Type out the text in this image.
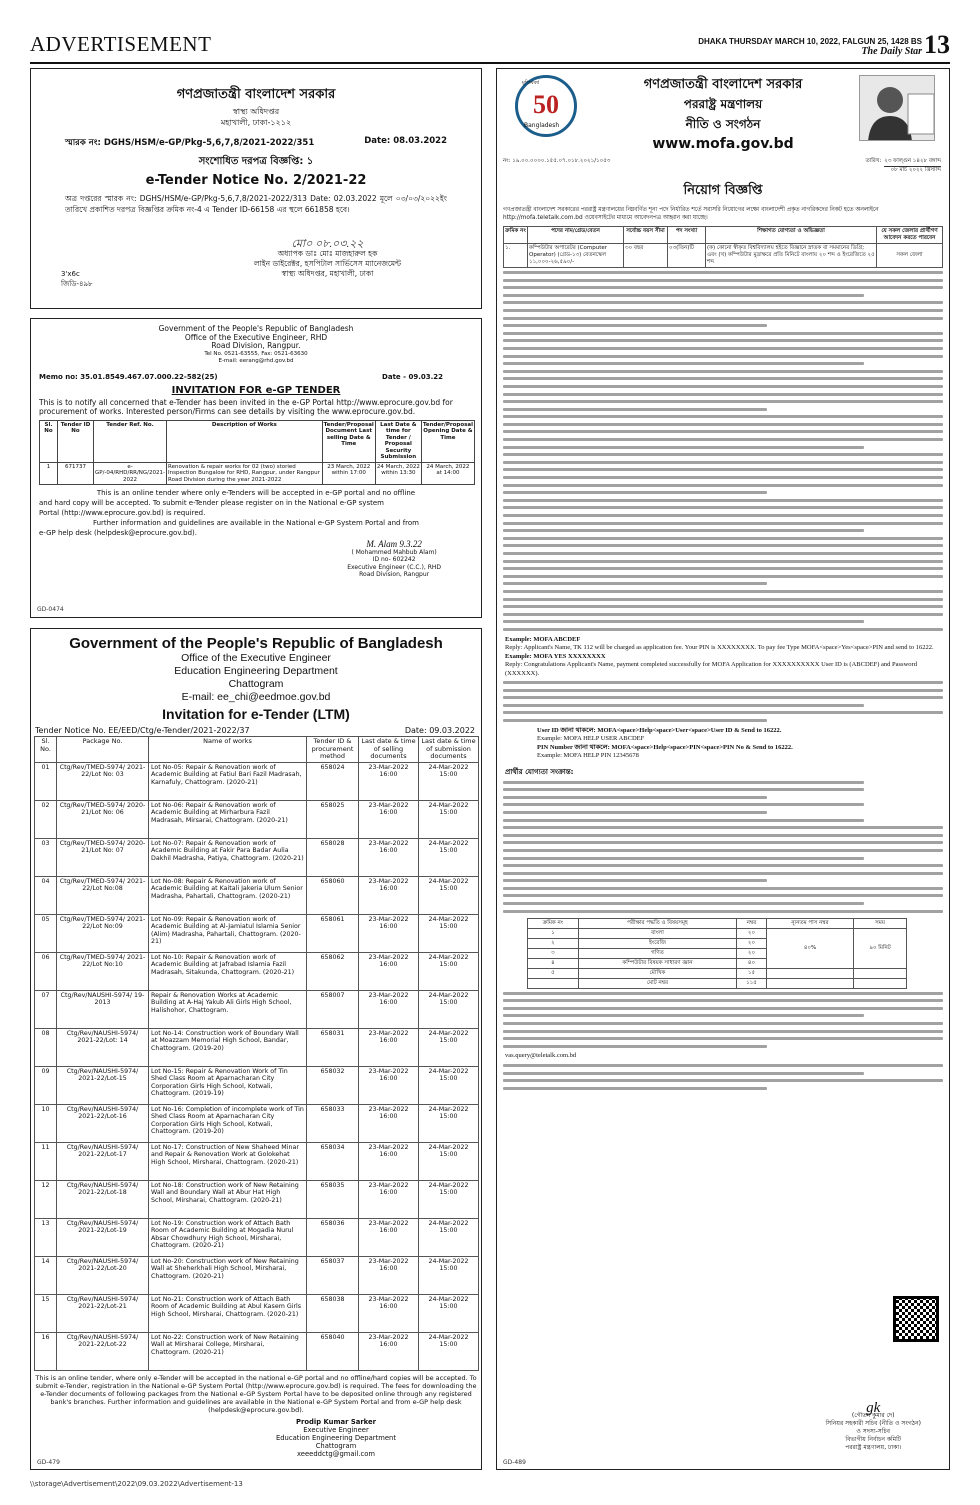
ADVERTISEMENT	DHAKA THURSDAY MARCH 10, 2022, FALGUN 25, 1428 BS
The Daily Star 13
গণপ্রজাতন্ত্রী বাংলাদেশ সরকার
স্বাস্থ্য অধিদপ্তর
মহাখালী, ঢাকা-১২১২
স্মারক নং: DGHS/HSM/e-GP/Pkg-5,6,7,8/2021-2022/351	Date: 08.03.2022
সংশোধিত দরপত্র বিজ্ঞপ্তি: ১
e-Tender Notice No. 2/2021-22
অত্র দপ্তরের স্মারক নং: DGHS/HSM/e-GP/Pkg-5,6,7,8/2021-2022/313 Date: 02.03.2022 মূলে ০৩/০৩/২০২২ইং তারিখে প্রকাশিত দরপত্র বিজ্ঞপ্তির ক্রমিক নং-4 এ Tender ID-66158 এর স্থলে 661858 হবে।
মো০ ০৮.০৩.২২
অধ্যাপক ডাঃ মোঃ মাজহারুল হক
লাইন ডাইরেক্টর, হসপিটাল সার্ভিসেস ম্যানেজমেন্ট
স্বাস্থ্য অধিদপ্তর, মহাখালী, ঢাকা
3'x6c
জিডি-৪৯৮
Government of the People's Republic of Bangladesh
Office of the Executive Engineer, RHD
Road Division, Rangpur.
Tel No. 0521-63555, Fax: 0521-63630
E-mail: eerang@rhd.gov.bd
Memo no: 35.01.8549.467.07.000.22-582(25)	Date - 09.03.22
INVITATION FOR e-GP TENDER
This is to notify all concerned that e-Tender has been invited in the e-GP Portal http://www.eprocure.gov.bd for procurement of works. Interested person/Firms can see details by visiting the www.eprocure.gov.bd.
Sl. No	Tender ID No	Tender Ref. No.	Description of Works	Tender/Proposal Document Last selling Date & Time	Last Date & time for Tender / Proposal Security Submission	Tender/Proposal Opening Date & Time
1	671737	e-GP/-04/RHD/RR/NG/2021-2022	Renovation & repair works for 02 (two) storied Inspection Bungalow for RHD, Rangpur, under Rangpur Road Division during the year 2021-2022	23 March, 2022 within 17:00	24 March, 2022 within 13:30	24 March, 2022 at 14:00
This is an online tender where only e-Tenders will be accepted in e-GP portal and no offline
and hard copy will be accepted. To submit e-Tender please register on in the National e-GP system
Portal (http://www.eprocure.gov.bd) is required.
Further information and guidelines are available in the National e-GP System Portal and from
e-GP help desk (helpdesk@eprocure.gov.bd).
M. Alam 9.3.22
( Mohammed Mahbub Alam)
ID no- 602242
Executive Engineer (C.C.), RHD
Road Division, Rangpur
GD-0474
Government of the People's Republic of Bangladesh
Office of the Executive Engineer
Education Engineering Department
Chattogram
E-mail: ee_chi@eedmoe.gov.bd
Invitation for e-Tender (LTM)
Tender Notice No. EE/EED/Ctg/e-Tender/2021-2022/37	Date: 09.03.2022
Sl. No.	Package No.	Name of works	Tender ID & procurement method	Last date & time of selling documents	Last date & time of submission documents
01	Ctg/Rev/TMED-5974/ 2021-22/Lot No: 03	Lot No-05: Repair & Renovation work of Academic Building at Fatiul Bari Fazil Madrasah, Karnafuly, Chattogram. (2020-21)	658024	23-Mar-2022 16:00	24-Mar-2022 15:00
02	Ctg/Rev/TMED-5974/ 2020-21/Lot No: 06	Lot No-06: Repair & Renovation work of Academic Building at Mirharbura Fazil Madrasah, Mirsarai, Chattogram. (2020-21)	658025	23-Mar-2022 16:00	24-Mar-2022 15:00
03	Ctg/Rev/TMED-5974/ 2020-21/Lot No: 07	Lot No-07: Repair & Renovation work of Academic Building at Fakir Para Badar Aulia Dakhil Madrasha, Patiya, Chattogram. (2020-21)	658028	23-Mar-2022 16:00	24-Mar-2022 15:00
04	Ctg/Rev/TMED-5974/ 2021-22/Lot No:08	Lot No-08: Repair & Renovation work of Academic Building at Kaitali Jakeria Ulum Senior Madrasha, Pahartali, Chattogram. (2020-21)	658060	23-Mar-2022 16:00	24-Mar-2022 15:00
05	Ctg/Rev/TMED-5974/ 2021-22/Lot No:09	Lot No-09: Repair & Renovation work of Academic Building at Al-Jamiatul Islamia Senior (Alim) Madrasha, Pahartali, Chattogram. (2020-21)	658061	23-Mar-2022 16:00	24-Mar-2022 15:00
06	Ctg/Rev/TMED-5974/ 2021-22/Lot No:10	Lot No-10: Repair & Renovation work of Academic Building at Jafrabad Islamia Fazil Madrasah, Sitakunda, Chattogram. (2020-21)	658062	23-Mar-2022 16:00	24-Mar-2022 15:00
07	Ctg/Rev/NAUSHI-5974/ 19-2013	Repair & Renovation Works at Academic Building at A-Haj Yakub Ali Girls High School, Halishohor, Chattogram.	658007	23-Mar-2022 16:00	24-Mar-2022 15:00
08	Ctg/Rev/NAUSHI-5974/ 2021-22/Lot: 14	Lot No-14: Construction work of Boundary Wall at Moazzam Memorial High School, Bandar, Chattogram. (2019-20)	658031	23-Mar-2022 16:00	24-Mar-2022 15:00
09	Ctg/Rev/NAUSHI-5974/ 2021-22/Lot-15	Lot No-15: Repair & Renovation Work of Tin Shed Class Room at Aparnacharan City Corporation Girls High School, Kotwali, Chattogram. (2019-19)	658032	23-Mar-2022 16:00	24-Mar-2022 15:00
10	Ctg/Rev/NAUSHI-5974/ 2021-22/Lot-16	Lot No-16: Completion of incomplete work of Tin Shed Class Room at Aparnacharan City Corporation Girls High School, Kotwali, Chattogram. (2019-20)	658033	23-Mar-2022 16:00	24-Mar-2022 15:00
11	Ctg/Rev/NAUSHI-5974/ 2021-22/Lot-17	Lot No-17: Construction of New Shaheed Minar and Repair & Renovation Work at Golokehat High School, Mirsharai, Chattogram. (2020-21)	658034	23-Mar-2022 16:00	24-Mar-2022 15:00
12	Ctg/Rev/NAUSHI-5974/ 2021-22/Lot-18	Lot No-18: Construction work of New Retaining Wall and Boundary Wall at Abur Hat High School, Mirsharai, Chattogram. (2020-21)	658035	23-Mar-2022 16:00	24-Mar-2022 15:00
13	Ctg/Rev/NAUSHI-5974/ 2021-22/Lot-19	Lot No-19: Construction work of Attach Bath Room of Academic Building at Mogadia Nurul Absar Chowdhury High School, Mirsharai, Chattogram. (2020-21)	658036	23-Mar-2022 16:00	24-Mar-2022 15:00
14	Ctg/Rev/NAUSHI-5974/ 2021-22/Lot-20	Lot No-20: Construction work of New Retaining Wall at Sheherkhali High School, Mirsharai, Chattogram. (2020-21)	658037	23-Mar-2022 16:00	24-Mar-2022 15:00
15	Ctg/Rev/NAUSHI-5974/ 2021-22/Lot-21	Lot No-21: Construction work of Attach Bath Room of Academic Building at Abul Kasem Girls High School, Mirsharai, Chattogram. (2020-21)	658038	23-Mar-2022 16:00	24-Mar-2022 15:00
16	Ctg/Rev/NAUSHI-5974/ 2021-22/Lot-22	Lot No-22: Construction work of New Retaining Wall at Mirsharai College, Mirsharai, Chattogram. (2020-21)	658040	23-Mar-2022 16:00	24-Mar-2022 15:00
This is an online tender, where only e-Tender will be accepted in the national e-GP portal and no offline/hard copies will be accepted. To submit e-Tender, registration in the National e-GP System Portal (http://www.eprocure.gov.bd) is required. The fees for downloading the e-Tender documents of following packages from the National e-GP System Portal have to be deposited online through any registered bank's branches. Further information and guidelines are available in the National e-GP System Portal and from e-GP help desk (helpdesk@eprocure.gov.bd).
Prodip Kumar Sarker
Executive Engineer
Education Engineering Department
Chattogram
xeeeddctg@gmail.com
GD-479
50
মুজিববর্ষ
Bangladesh
গণপ্রজাতন্ত্রী বাংলাদেশ সরকার
পররাষ্ট্র মন্ত্রণালয়
নীতি ও সংগঠন
www.mofa.gov.bd
নং: ১৯.০০.০০০০.১৫৫.০৭.০১৮.২০২১/১০৫৩	তারিখ: ২৩ ফাল্গুন ১৪২৮ বঙ্গাব্দ
০৮ মার্চ ২০২২ খ্রিস্টাব্দ
নিয়োগ বিজ্ঞপ্তি
গণপ্রজাতন্ত্রী বাংলাদেশ সরকারের পররাষ্ট্র মন্ত্রণালয়ের নিম্নবর্ণিত শূন্য পদে নির্ধারিত শর্তে সরাসরি নিয়োগের লক্ষ্যে বাংলাদেশী প্রকৃত নাগরিকদের নিকট হতে অনলাইনে http://mofa.teletalk.com.bd ওয়েবসাইটের মাধ্যমে আবেদনপত্র আহ্বান করা যাচ্ছে।
ক্রমিক নং	পদের নাম/গ্রেড/বেতন	সর্বোচ্চ বয়স সীমা	পদ সংখ্যা	শিক্ষাগত যোগ্যতা ও অভিজ্ঞতা	যে সকল জেলার প্রার্থীগণ আবেদন করতে পারবেন
১.	কম্পিউটার অপারেটর (Computer Operator) (গ্রেড-১৩) বেতনস্কেল ১১,০০০-২৬,৫৯০/-	৩০ বছর	০৩(তিন)টি	(ক) কোনো স্বীকৃত বিশ্ববিদ্যালয় হইতে বিজ্ঞানে স্নাতক বা সমমানের ডিগ্রি; এবং (খ) কম্পিউটার মুদ্রাক্ষরে প্রতি মিনিটে বাংলায় ২০ শব্দ ও ইংরেজিতে ২৫ শব্দ	সকল জেলা
Example: MOFA ABCDEF
Reply: Applicant's Name, TK 112 will be charged as application fee. Your PIN is XXXXXXXX. To pay fee Type MOFA<space>Yes<space>PIN and send to 16222.
Example: MOFA YES XXXXXXXX
Reply: Congratulations Applicant's Name, payment completed successfully for MOFA Application for XXXXXXXXXX User ID is (ABCDEF) and Password (XXXXXX).
User ID জানা থাকলে: MOFA<space>Help<space>User<space>User ID & Send to 16222.
Example: MOFA HELP USER ABCDEF
PIN Number জানা থাকলে: MOFA<space>Help<space>PIN<space>PIN No & Send to 16222.
Example: MOFA HELP PIN 12345678
প্রার্থীর যোগ্যতা সংক্রান্ত:
ক্রমিক নং	পরীক্ষার পদ্ধতি ও বিষয়সমূহ	নম্বর	ন্যূনতম পাস নম্বর	সময়
১	বাংলা	২০	৪০%	৯০ মিনিট
২	ইংরেজি	২০		
৩	গণিত	২০		
৪	কম্পিউটার বিষয়ক সাধারণ জ্ঞান	৪০		
৫	মৌখিক	১৫		
	মোট নম্বর	১১৫		
vas.query@teletalk.com.bd
gk
(গৌতম কুমার দে)
সিনিয়র সহকারী সচিব (নীতি ও সংগঠন)
ও সদস্য-সচিব
বিভাগীয় নির্বাচন কমিটি
পররাষ্ট্র মন্ত্রণালয়, ঢাকা।
GD-489
\\storage\Advertisement\2022\09.03.2022\Advertisement-13
